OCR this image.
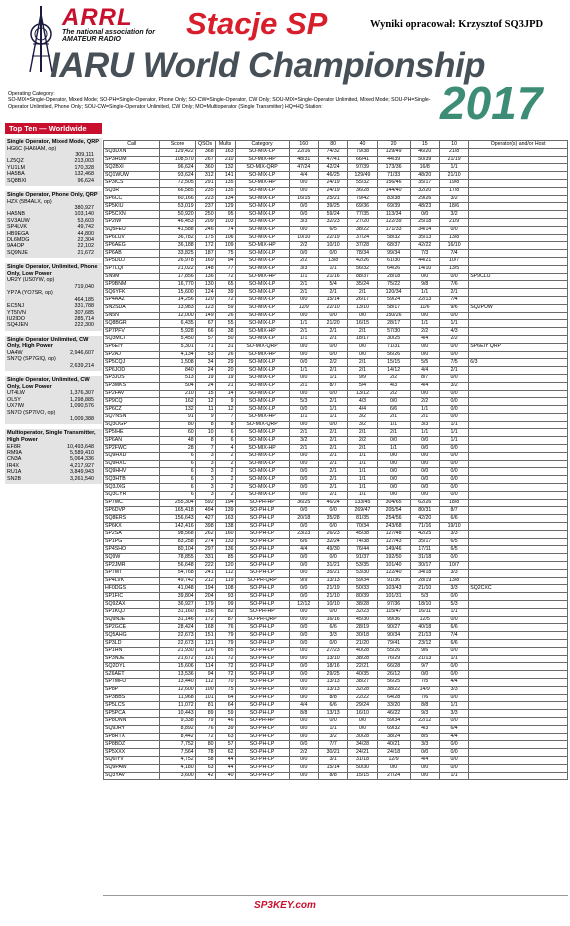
ARRL
The national association for
AMATEUR RADIO Stacje SP	Wyniki opracował: Krzysztof SQ3JPD
IARU World Championship
2017
Operating Category:
SO-MIX=Single-Operator, Mixed Mode; SO-PH=Single-Operator, Phone Only; SO-CW=Single-Operator, CW Only; SOU-MIX=Single-Operator Unlimited, Mixed Mode; SOU-PH=Single-Operator Unlimited, Phone Only; SOU-CW=Single-Operator Unlimited, CW Only; MO=Multioperator (Single Transmitter) HQ=HQ Station:
Top Ten — Worldwide
Single Operator, Mixed Mode, QRP
HG6C (HA6IAM, op)
309,111
LZ5QZ	213,003
YU1LM	170,328
HA5BA	132,468
SQ8BXI	96,624
Single Operator, Phone Only, QRP
HZX (5B4ALX, op)
380,927
HA5NB	103,140
SV3AUW	53,603
SP4LVK	49,742
HB9EGA	44,800
DL6MDG	22,304
9A4OP	22,102
SQ9NJE	21,672
Single Operator, Unlimited, Phone Only, Low Power
UR2Y (US0YW, op)
719,040
YP7A (YO7SR, op)
464,185
EC5NJ	331,788
YT5IVN	307,685
IU2IDO	285,714
SQ4JEN	222,300
Single Operator Unlimited, CW Only, High Power
UA4W	2,946,607
SN7Q (SP7GIQ, op)
2,639,214
Single Operator, Unlimited, CW Only, Low Power
UT4LW	1,376,307
OL5Y	1,298,885
UX7IW	1,090,576
SN7O (SP7IVO, op)
1,009,388
Multioperator, Single Transmitter, High Power
EF8R	10,493,648
RM9A	5,589,410
CN3A	5,064,336
IR4X	4,217,927
RU1A	3,849,943
SN2B	3,261,540
Call	Score	QSOs	Mults	Category	160	80	40	20	15	10	Operator(s) and/or Host
SQ3DXN	129,422	368	163	SO-MIX-LP	22/16	74/32	79/38	129/49	46/20	21/8	
SP3HUM	108,570	267	210	SO-MIX-HP	48/31	47/41	66/41	44/39	50/39	21/19	
SQ2BXI	96,624	360	132	SO-MIX-QRP	47/24	42/24	97/39	173/36	16/8	1/1	
SQ1WUW	93,624	312	141	SO-MIX-LP	4/4	46/25	129/49	71/33	48/20	21/10	
SP3ICS	72,505	291	135	SO-MIX-HP	0/0	24/19	55/32	156/46	35/17	19/8	
SQ3R	66,585	235	135	SO-MIX-LP	0/0	24/19	36/28	144/40	32/20	17/8	
SP6CC	60,166	223	134	SO-MIX-LP	16/15	25/21	79/42	83/38	29/26	3/2	
SP5KIU	53,019	237	129	SO-MIX-LP	0/0	39/25	69/36	69/39	48/23	18/6	
SP5CXN	50,920	250	95	SO-MIX-LP	0/0	59/24	77/35	113/34	0/0	3/2	
SP2IW	46,453	209	103	SO-MIX-LP	3/3	32/23	27/20	122/39	25/18	21/9	
SQ5FEU	41,588	246	74	SO-MIX-LP	0/0	6/5	38/22	171/33	34/14	0/0	
SP6LUV	36,782	175	106	SO-MIX-LP	10/10	22/19	37/24	58/32	35/13	13/8	
SP6AEG	36,188	172	109	SO-MIX-HP	2/2	10/10	37/28	68/37	42/22	16/10	
SP6AB	33,825	187	75	SO-MIX-LP	0/0	0/0	78/34	99/34	7/3	7/4	
SP5DDJ	26,978	169	94	SO-MIX-LP	2/2	13/8	42/26	61/30	44/21	10/7	
SP7LQI	21,022	148	77	SO-MIX-LP	3/3	1/1	56/32	64/26	14/10	13/5	
SN9M	17,856	136	72	SO-MIX-HP	1/1	21/16	88/37	28/18	0/0	0/0	SP9CLU
SP9BNM	16,770	130	65	SO-MIX-LP	2/1	5/4	35/24	75/22	9/8	7/6	
SQ6YFK	15,600	124	39	SO-MIX-LP	2/1	2/1	2/1	120/34	1/1	2/1	
SP4AAZ	14,256	120	72	SO-MIX-LP	0/0	15/14	26/17	59/24	22/13	7/4	
SN2SDA	13,983	123	59	SO-MIX-LP	12/9	22/10	13/10	58/17	11/6	9/6	SQ2PUW
SN5N	12,000	149	26	SO-MIX-LP	0/0	0/0	0/0	150/26	0/0	0/0	
SQ8BGR	6,435	67	55	SO-MIX-LP	1/1	21/20	16/15	28/17	1/1	1/1	
SP7PFV	5,928	66	38	SO-MIX-HP	2/1	2/1	2/1	57/30	2/2	4/3	
SQ3MCI	5,450	57	50	SO-MIX-LP	1/1	2/1	18/17	30/25	4/4	2/2	
SP6EIY	5,301	71	31	SO-MIX-QRP	0/0	0/0	0/0	71/31	0/0	0/0	SP6EIY QRP
SP2AJ	4,134	53	26	SO-MIX-HP	0/0	0/0	0/0	56/26	0/0	0/0	
SP5CQJ	1,508	34	29	SO-MIX-LP	0/0	2/2	2/1	15/15	5/5	7/5	6/3
SP6JOD	840	24	20	SO-MIX-LP	1/1	2/1	2/1	14/12	4/4	2/1	
SP3JUS	513	19	19	SO-MIX-LP	0/0	1/1	9/9	2/2	8/7	0/0	
SP3MKS	504	24	21	SO-MIX-LP	2/1	8/7	5/4	4/3	4/4	3/2	
SP2FAV	210	15	14	SO-MIX-LP	0/0	0/0	13/12	2/2	0/0	0/0	
SP9CQ	162	12	9	SO-MIX-LP	5/3	2/1	4/3	0/0	2/2	0/0	
SP6CZ	132	11	12	SO-MIX-LP	0/0	1/1	4/4	6/6	1/1	0/0	
SQ7NSN	91	9	7	SO-MIX-HP	1/1	1/1	3/2	2/1	2/1	0/0	
SQ3OGP	80	8	8	SO-MIX-QRP	0/0	0/0	3/2	1/1	3/3	1/1	
SP5IHE	60	10	6	SO-MIX-LP	2/1	2/1	2/1	2/1	1/1	1/1	
SP6AN	48	8	6	SO-MIX-LP	3/2	2/1	2/2	0/0	0/0	1/1	
SP2FWC	28	7	4	SO-MIX-HP	2/1	2/1	2/1	1/1	0/0	0/0	
SQ9HXD	6	3	2	SO-MIX-LP	0/0	2/1	1/1	0/0	0/0	0/0	
SQ9HXC	6	3	2	SO-MIX-LP	0/0	2/1	1/1	0/0	0/0	0/0	
SQ9HHV	6	3	2	SO-MIX-LP	0/0	2/1	1/1	0/0	0/0	0/0	
SQ3HTB	6	3	2	SO-MIX-LP	0/0	2/1	1/1	0/0	0/0	0/0	
SQ3JXG	6	3	2	SO-MIX-LP	0/0	2/1	1/1	0/0	0/0	0/0	
SQ3CYR	6	3	2	SO-MIX-LP	0/0	2/1	1/1	0/0	0/0	0/0	
SP7MC	255,304	592	194	SO-PH-HP	36/25	46/24	133/45	304/65	62/26	18/8	
SP6DVP	165,418	494	139	SO-PH-LP	0/0	0/0	269/47	205/54	80/31	8/7	
SQ8ERS	156,643	427	163	SO-PH-LP	20/18	35/28	81/35	254/56	42/20	6/6	
SP6KX	142,416	398	138	SO-PH-LP	0/0	0/0	70/34	243/68	71/16	19/10	
SP2SA	98,568	262	160	SO-PH-LP	23/23	26/23	45/38	127/48	42/25	3/3	
SP1PG	83,258	274	133	SO-PH-LP	6/6	32/24	74/38	127/43	35/17	6/5	
SP4SHO	80,104	297	136	SO-PH-LP	4/4	49/30	76/44	149/46	17/11	6/5	
SQ9W	78,855	331	85	SO-PH-LP	0/0	0/0	91/37	192/50	31/18	0/0	
SP2JMR	56,648	222	120	SO-PH-LP	0/0	31/21	53/35	101/40	30/17	10/7	
SP7MT	54,768	241	112	SO-PH-LP	0/0	35/21	53/30	122/40	34/18	3/3	
SP4LVK	49,742	212	119	SO-PH-QRP	9/9	13/13	59/34	91/36	28/19	13/8	
HF0DGS	41,048	194	108	SO-PH-LP	0/0	21/19	50/33	103/43	21/10	3/3	SQ2CXC
SP1FIC	39,804	204	93	SO-PH-LP	0/0	21/10	80/39	101/31	5/3	0/0	
SQ9ZAX	36,927	179	99	SO-PH-LP	12/12	10/10	38/28	97/36	18/10	5/3	
SP1KQJ	31,160	156	82	SO-PH-HP	0/0	0/0	32/23	115/47	16/11	1/1	
SQ9NJE	31,146	172	87	SO-PH-QRP	0/0	16/16	45/30	99/36	12/5	0/0	
SP2GCE	28,424	168	76	SO-PH-LP	0/0	6/6	28/19	90/27	40/18	6/6	
SQ5AHG	22,673	151	79	SO-PH-LP	0/0	3/3	30/18	90/34	21/13	7/4	
SP3LD	22,673	121	79	SO-PH-LP	0/0	0/0	21/20	79/41	23/12	6/6	
SP1HN	21,930	126	85	SO-PH-LP	0/0	27/23	40/28	55/26	9/6	0/0	
SP3NJE	21,672	131	72	SO-PH-LP	0/0	13/10	38/28	76/29	21/13	1/1	
SQ2DYL	15,606	114	72	SO-PH-LP	0/0	18/16	22/21	66/28	9/7	0/0	
SZ6AET	13,536	94	72	SO-PH-LP	0/0	29/25	40/35	26/12	0/0	0/0	
SP7MFU	13,440	112	70	SO-PH-LP	0/0	13/13	38/27	56/25	7/5	4/4	
SP8P	12,600	100	75	SO-PH-LP	0/0	13/13	32/28	38/22	14/9	3/3	
SP3BBS	11,968	101	64	SO-PH-LP	0/0	8/8	22/22	64/28	7/6	0/0	
SP5LCS	11,072	81	64	SO-PH-LP	4/4	6/6	29/24	33/20	8/8	1/1	
SP5PCA	10,443	89	59	SO-PH-LP	8/8	13/13	16/10	46/22	9/3	3/3	
SP8ONN	9,338	79	46	SO-PH-HP	0/0	0/0	0/0	59/34	22/12	0/0	
SQ9JRY	8,892	76	39	SO-PH-LP	0/0	1/1	0/0	69/32	4/3	6/4	
SP8RTX	8,442	72	63	SO-PH-LP	0/0	3/2	30/28	38/24	8/5	4/4	
SP8BDZ	7,752	80	57	SO-PH-LP	0/0	7/7	34/28	40/21	3/3	0/0	
SP5XXX	7,564	78	62	SO-PH-LP	2/2	30/21	24/21	24/18	0/0	0/0	
SQ6IYV	4,752	58	44	SO-PH-LP	0/0	3/1	31/18	12/9	4/4	0/0	
SQ9PAW	4,180	63	44	SO-PH-LP	0/0	15/14	50/30	0/0	0/0	0/0	
SQ3YAV	3,600	42	40	SO-PH-LP	0/0	8/8	15/15	27/24	0/0	1/1	
SP3KEY.com
